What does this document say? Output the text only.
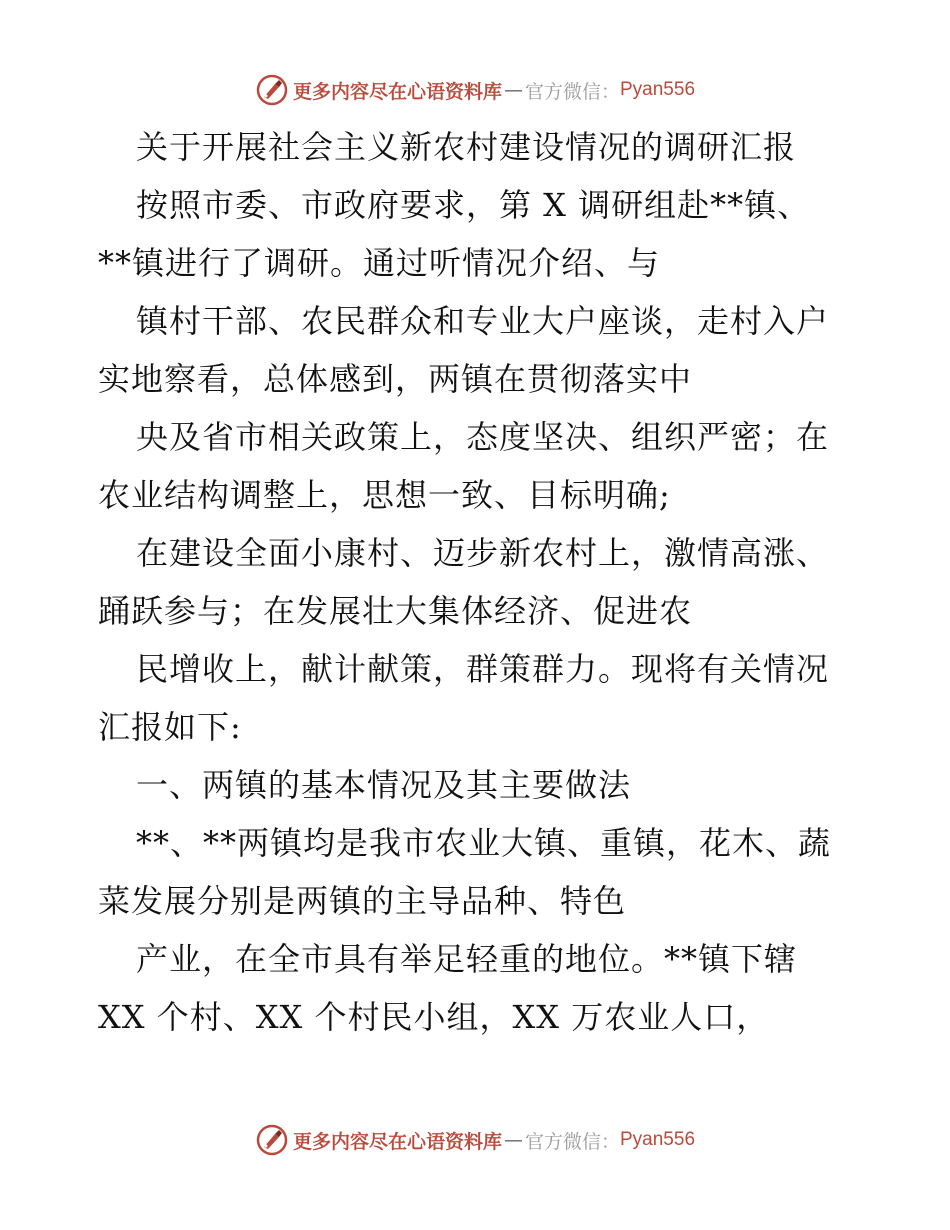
更多内容尽在心语资料库 — 官方微信： Pyan556
关于开展社会主义新农村建设情况的调研汇报
按照市委、市政府要求，第 X 调研组赴**镇、
**镇进行了调研。通过听情况介绍、与
镇村干部、农民群众和专业大户座谈，走村入户
实地察看，总体感到，两镇在贯彻落实中
央及省市相关政策上，态度坚决、组织严密；在
农业结构调整上，思想一致、目标明确;
在建设全面小康村、迈步新农村上，激情高涨、
踊跃参与；在发展壮大集体经济、促进农
民增收上，献计献策，群策群力。现将有关情况
汇报如下:
一、两镇的基本情况及其主要做法
**、**两镇均是我市农业大镇、重镇，花木、蔬
菜发展分别是两镇的主导品种、特色
产业，在全市具有举足轻重的地位。**镇下辖
XX 个村、XX 个村民小组，XX 万农业人口，
更多内容尽在心语资料库 — 官方微信： Pyan556
